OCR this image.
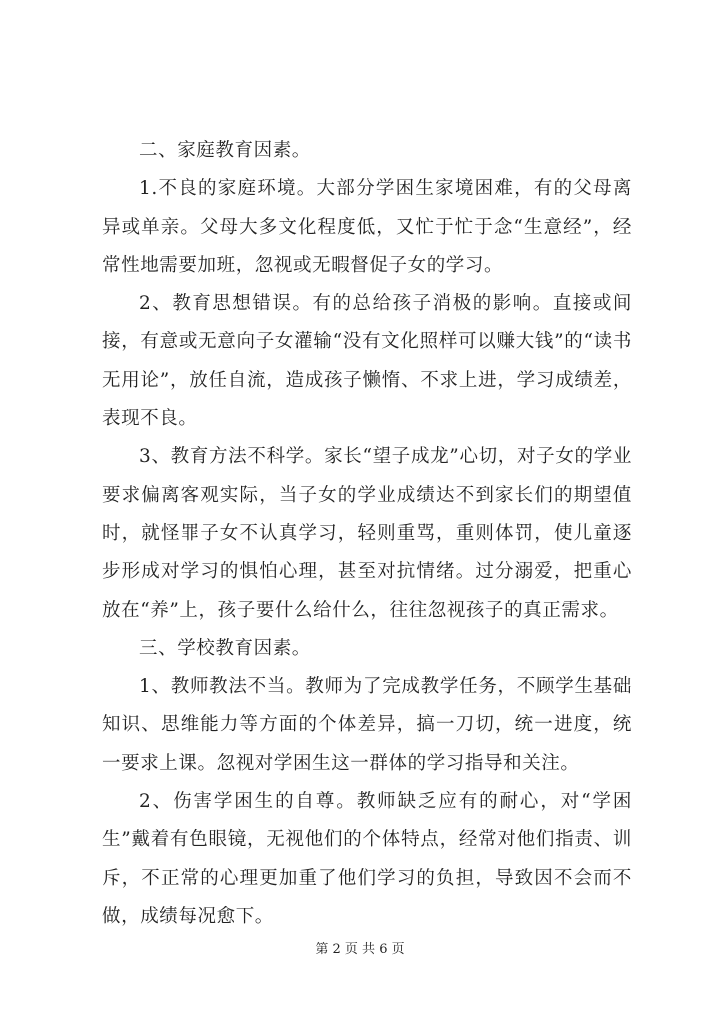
二、家庭教育因素。

1.不良的家庭环境。大部分学困生家境困难，有的父母离异或单亲。父母大多文化程度低，又忙于忙于念“生意经”，经常性地需要加班，忽视或无暇督促子女的学习。

2、教育思想错误。有的总给孩子消极的影响。直接或间接，有意或无意向子女灌输“没有文化照样可以赚大钱”的“读书无用论”，放任自流，造成孩子懒惰、不求上进，学习成绩差，表现不良。

3、教育方法不科学。家长“望子成龙”心切，对子女的学业要求偏离客观实际，当子女的学业成绩达不到家长们的期望值时，就怪罪子女不认真学习，轻则重骂，重则体罚，使儿童逐步形成对学习的惧怕心理，甚至对抗情绪。过分溺爱，把重心放在“养”上，孩子要什么给什么，往往忽视孩子的真正需求。

三、学校教育因素。

1、教师教法不当。教师为了完成教学任务，不顾学生基础知识、思维能力等方面的个体差异，搞一刀切，统一进度，统一要求上课。忽视对学困生这一群体的学习指导和关注。

2、伤害学困生的自尊。教师缺乏应有的耐心，对“学困生”戴着有色眼镜，无视他们的个体特点，经常对他们指责、训斥，不正常的心理更加重了他们学习的负担，导致因不会而不做，成绩每况愈下。

第 2 页 共 6 页
